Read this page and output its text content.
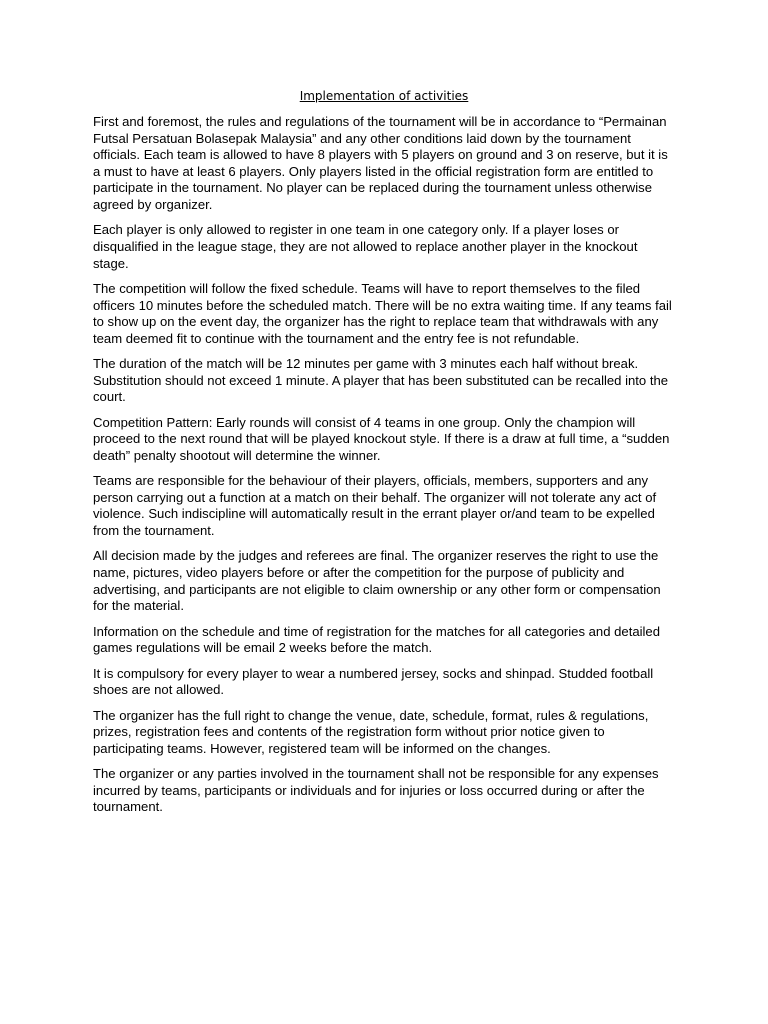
Implementation of activities

First and foremost, the rules and regulations of the tournament will be in accordance to “Permainan Futsal Persatuan Bolasepak Malaysia” and any other conditions laid down by the tournament officials. Each team is allowed to have 8 players with 5 players on ground and 3 on reserve, but it is a must to have at least 6 players. Only players listed in the official registration form are entitled to participate in the tournament. No player can be replaced during the tournament unless otherwise agreed by organizer.

Each player is only allowed to register in one team in one category only. If a player loses or disqualified in the league stage, they are not allowed to replace another player in the knockout stage.

The competition will follow the fixed schedule. Teams will have to report themselves to the filed officers 10 minutes before the scheduled match. There will be no extra waiting time. If any teams fail to show up on the event day, the organizer has the right to replace team that withdrawals with any team deemed fit to continue with the tournament and the entry fee is not refundable.

The duration of the match will be 12 minutes per game with 3 minutes each half without break. Substitution should not exceed 1 minute. A player that has been substituted can be recalled into the court.

Competition Pattern: Early rounds will consist of 4 teams in one group. Only the champion will proceed to the next round that will be played knockout style. If there is a draw at full time, a “sudden death” penalty shootout will determine the winner.

Teams are responsible for the behaviour of their players, officials, members, supporters and any person carrying out a function at a match on their behalf. The organizer will not tolerate any act of violence. Such indiscipline will automatically result in the errant player or/and team to be expelled from the tournament.

All decision made by the judges and referees are final. The organizer reserves the right to use the name, pictures, video players before or after the competition for the purpose of publicity and advertising, and participants are not eligible to claim ownership or any other form or compensation for the material.

Information on the schedule and time of registration for the matches for all categories and detailed games regulations will be email 2 weeks before the match.

It is compulsory for every player to wear a numbered jersey, socks and shinpad. Studded football shoes are not allowed.

The organizer has the full right to change the venue, date, schedule, format, rules & regulations, prizes, registration fees and contents of the registration form without prior notice given to participating teams. However, registered team will be informed on the changes.

The organizer or any parties involved in the tournament shall not be responsible for any expenses incurred by teams, participants or individuals and for injuries or loss occurred during or after the tournament.
